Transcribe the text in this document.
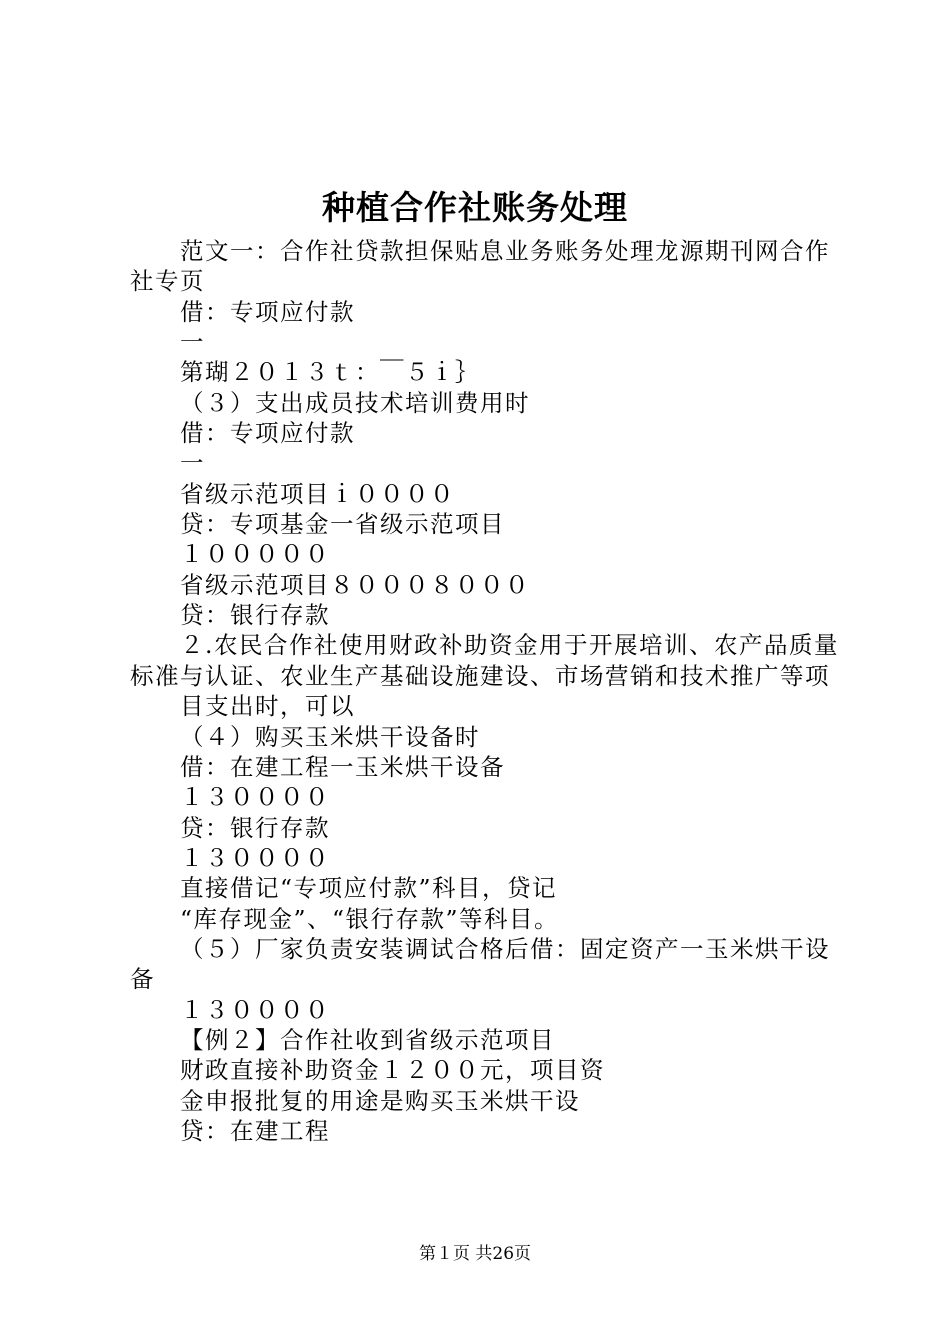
种植合作社账务处理

范文一：合作社贷款担保贴息业务账务处理龙源期刊网合作社专页

借：专项应付款

一

第瑚２０１３ｔ：￣５ｉ｝

（３）支出成员技术培训费用时

借：专项应付款

一

省级示范项目ｉ００００

贷：专项基金一省级示范项目

１０００００

省级示范项目８０００８０００

贷：银行存款

２.农民合作社使用财政补助资金用于开展培训、农产品质量标准与认证、农业生产基础设施建设、市场营销和技术推广等项

目支出时，可以

（４）购买玉米烘干设备时

借：在建工程一玉米烘干设备

１３００００

贷：银行存款

１３００００

直接借记“专项应付款”科目，贷记

“库存现金”、“银行存款”等科目。

（５）厂家负责安装调试合格后借：固定资产一玉米烘干设备

１３００００

【例２】合作社收到省级示范项目

财政直接补助资金１２００元，项目资

金申报批复的用途是购买玉米烘干设

贷：在建工程

第１页 共26页
